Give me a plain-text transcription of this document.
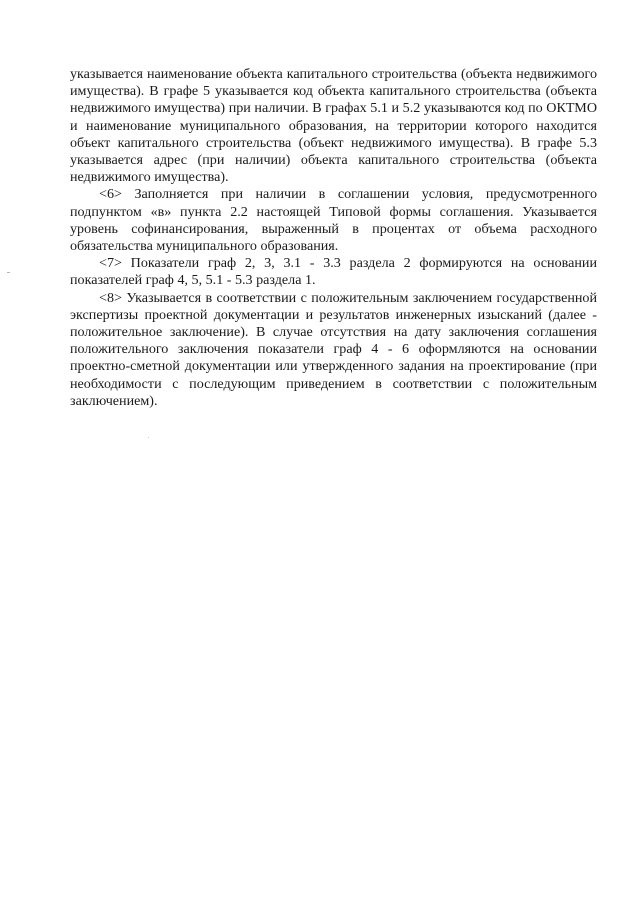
указывается наименование объекта капитального строительства (объекта недвижимого имущества). В графе 5 указывается код объекта капитального строительства (объекта недвижимого имущества) при наличии. В графах 5.1 и 5.2 указываются код по ОКТМО и наименование муниципального образования, на территории которого находится объект капитального строительства (объект недвижимого имущества). В графе 5.3 указывается адрес (при наличии) объекта капитального строительства (объекта недвижимого имущества).

<6> Заполняется при наличии в соглашении условия, предусмотренного подпунктом «в» пункта 2.2 настоящей Типовой формы соглашения. Указывается уровень софинансирования, выраженный в процентах от объема расходного обязательства муниципального образования.

<7> Показатели граф 2, 3, 3.1 - 3.3 раздела 2 формируются на основании показателей граф 4, 5, 5.1 - 5.3 раздела 1.

<8> Указывается в соответствии с положительным заключением государственной экспертизы проектной документации и результатов инженерных изысканий (далее - положительное заключение). В случае отсутствия на дату заключения соглашения положительного заключения показатели граф 4 - 6 оформляются на основании проектно-сметной документации или утвержденного задания на проектирование (при необходимости с последующим приведением в соответствии с положительным заключением).
